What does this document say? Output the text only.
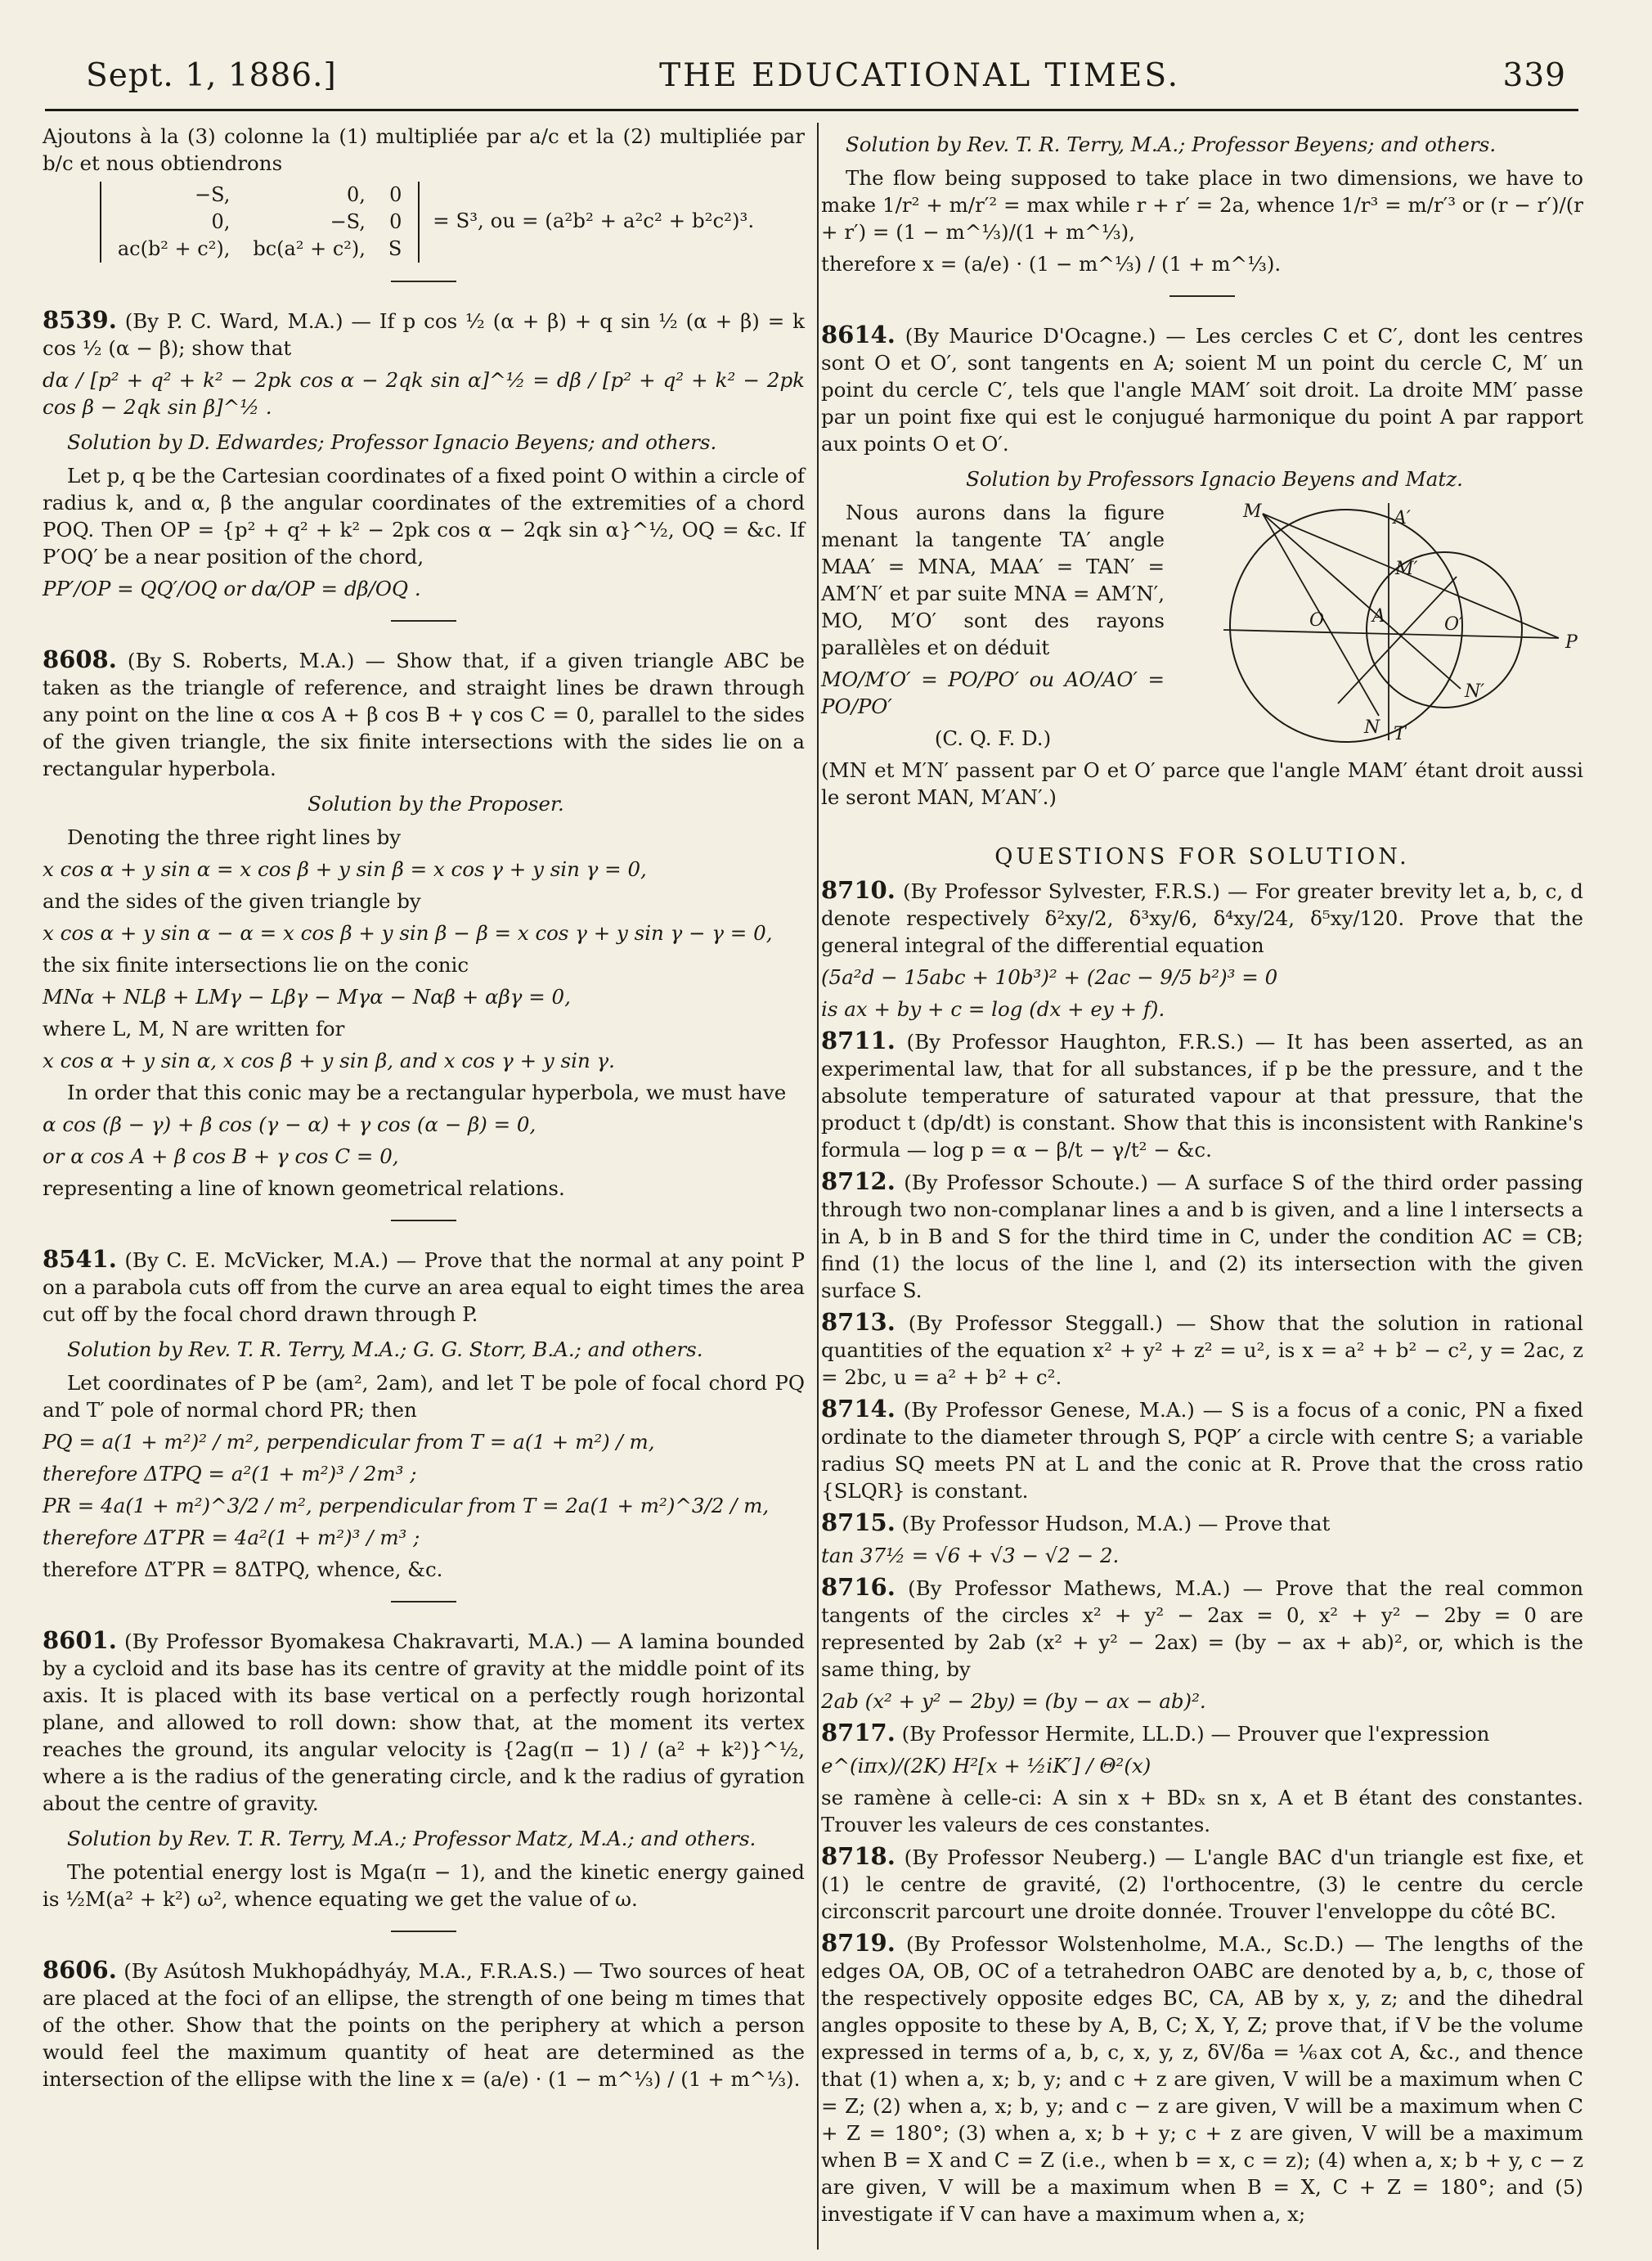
Sept. 1, 1886.]	THE EDUCATIONAL TIMES.	339

Ajoutons à la (3) colonne la (1) multipliée par a/c et la (2) multipliée par b/c et nous obtiendrons

−S,	0,	0
0,	−S,	0
ac(b² + c²),	bc(a² + c²),	S
= S³, ou = (a²b² + a²c² + b²c²)³.

8539. (By P. C. Ward, M.A.) — If p cos ½ (α + β) + q sin ½ (α + β) = k cos ½ (α − β); show that

dα / [p² + q² + k² − 2pk cos α − 2qk sin α]^½ = dβ / [p² + q² + k² − 2pk cos β − 2qk sin β]^½ .

Solution by D. Edwardes; Professor Ignacio Beyens; and others.

Let p, q be the Cartesian coordinates of a fixed point O within a circle of radius k, and α, β the angular coordinates of the extremities of a chord POQ. Then OP = {p² + q² + k² − 2pk cos α − 2qk sin α}^½, OQ = &c. If P′OQ′ be a near position of the chord,

PP′/OP = QQ′/OQ or dα/OP = dβ/OQ .

8608. (By S. Roberts, M.A.) — Show that, if a given triangle ABC be taken as the triangle of reference, and straight lines be drawn through any point on the line α cos A + β cos B + γ cos C = 0, parallel to the sides of the given triangle, the six finite intersections with the sides lie on a rectangular hyperbola.

Solution by the Proposer.

Denoting the three right lines by

x cos α + y sin α = x cos β + y sin β = x cos γ + y sin γ = 0,

and the sides of the given triangle by

x cos α + y sin α − α = x cos β + y sin β − β = x cos γ + y sin γ − γ = 0,

the six finite intersections lie on the conic

MNα + NLβ + LMγ − Lβγ − Mγα − Nαβ + αβγ = 0,

where L, M, N are written for

x cos α + y sin α, x cos β + y sin β, and x cos γ + y sin γ.

In order that this conic may be a rectangular hyperbola, we must have

α cos (β − γ) + β cos (γ − α) + γ cos (α − β) = 0,

or α cos A + β cos B + γ cos C = 0,

representing a line of known geometrical relations.

8541. (By C. E. McVicker, M.A.) — Prove that the normal at any point P on a parabola cuts off from the curve an area equal to eight times the area cut off by the focal chord drawn through P.

Solution by Rev. T. R. Terry, M.A.; G. G. Storr, B.A.; and others.

Let coordinates of P be (am², 2am), and let T be pole of focal chord PQ and T′ pole of normal chord PR; then

PQ = a(1 + m²)² / m², perpendicular from T = a(1 + m²) / m,

therefore ΔTPQ = a²(1 + m²)³ / 2m³ ;

PR = 4a(1 + m²)^3/2 / m², perpendicular from T = 2a(1 + m²)^3/2 / m,

therefore ΔT′PR = 4a²(1 + m²)³ / m³ ;

therefore ΔT′PR = 8ΔTPQ, whence, &c.

8601. (By Professor Byomakesa Chakravarti, M.A.) — A lamina bounded by a cycloid and its base has its centre of gravity at the middle point of its axis. It is placed with its base vertical on a perfectly rough horizontal plane, and allowed to roll down: show that, at the moment its vertex reaches the ground, its angular velocity is {2ag(π − 1) / (a² + k²)}^½, where a is the radius of the generating circle, and k the radius of gyration about the centre of gravity.

Solution by Rev. T. R. Terry, M.A.; Professor Matz, M.A.; and others.

The potential energy lost is Mga(π − 1), and the kinetic energy gained is ½M(a² + k²) ω², whence equating we get the value of ω.

8606. (By Asútosh Mukhopádhyáy, M.A., F.R.A.S.) — Two sources of heat are placed at the foci of an ellipse, the strength of one being m times that of the other. Show that the points on the periphery at which a person would feel the maximum quantity of heat are determined as the intersection of the ellipse with the line x = (a/e) · (1 − m^⅓) / (1 + m^⅓).

Solution by Rev. T. R. Terry, M.A.; Professor Beyens; and others.

The flow being supposed to take place in two dimensions, we have to make 1/r² + m/r′² = max while r + r′ = 2a, whence 1/r³ = m/r′³ or (r − r′)/(r + r′) = (1 − m^⅓)/(1 + m^⅓),

therefore x = (a/e) · (1 − m^⅓) / (1 + m^⅓).

8614. (By Maurice D'Ocagne.) — Les cercles C et C′, dont les centres sont O et O′, sont tangents en A; soient M un point du cercle C, M′ un point du cercle C′, tels que l'angle MAM′ soit droit. La droite MM′ passe par un point fixe qui est le conjugué harmonique du point A par rapport aux points O et O′.

Solution by Professors Ignacio Beyens and Matz.

M	A′
M′
O	A	O′
P
N′
N T

Nous aurons dans la figure menant la tangente TA′ angle MAA′ = MNA, MAA′ = TAN′ = AM′N′ et par suite MNA = AM′N′, MO, M′O′ sont des rayons parallèles et on déduit

MO/M′O′ = PO/PO′ ou AO/AO′ = PO/PO′

(C. Q. F. D.)

(MN et M′N′ passent par O et O′ parce que l'angle MAM′ étant droit aussi le seront MAN, M′AN′.)

QUESTIONS FOR SOLUTION.

8710. (By Professor Sylvester, F.R.S.) — For greater brevity let a, b, c, d denote respectively δ²xy/2, δ³xy/6, δ⁴xy/24, δ⁵xy/120. Prove that the general integral of the differential equation

(5a²d − 15abc + 10b³)² + (2ac − 9/5 b²)³ = 0

is ax + by + c = log (dx + ey + f).

8711. (By Professor Haughton, F.R.S.) — It has been asserted, as an experimental law, that for all substances, if p be the pressure, and t the absolute temperature of saturated vapour at that pressure, that the product t (dp/dt) is constant. Show that this is inconsistent with Rankine's formula — log p = α − β/t − γ/t² − &c.

8712. (By Professor Schoute.) — A surface S of the third order passing through two non-complanar lines a and b is given, and a line l intersects a in A, b in B and S for the third time in C, under the condition AC = CB; find (1) the locus of the line l, and (2) its intersection with the given surface S.

8713. (By Professor Steggall.) — Show that the solution in rational quantities of the equation x² + y² + z² = u², is x = a² + b² − c², y = 2ac, z = 2bc, u = a² + b² + c².

8714. (By Professor Genese, M.A.) — S is a focus of a conic, PN a fixed ordinate to the diameter through S, PQP′ a circle with centre S; a variable radius SQ meets PN at L and the conic at R. Prove that the cross ratio {SLQR} is constant.

8715. (By Professor Hudson, M.A.) — Prove that

tan 37½ = √6 + √3 − √2 − 2.

8716. (By Professor Mathews, M.A.) — Prove that the real common tangents of the circles x² + y² − 2ax = 0, x² + y² − 2by = 0 are represented by 2ab (x² + y² − 2ax) = (by − ax + ab)², or, which is the same thing, by

2ab (x² + y² − 2by) = (by − ax − ab)².

8717. (By Professor Hermite, LL.D.) — Prouver que l'expression

e^(iπx)/(2K) H²[x + ½iK′] / Θ²(x)

se ramène à celle-ci: A sin x + BDₓ sn x, A et B étant des constantes. Trouver les valeurs de ces constantes.

8718. (By Professor Neuberg.) — L'angle BAC d'un triangle est fixe, et (1) le centre de gravité, (2) l'orthocentre, (3) le centre du cercle circonscrit parcourt une droite donnée. Trouver l'enveloppe du côté BC.

8719. (By Professor Wolstenholme, M.A., Sc.D.) — The lengths of the edges OA, OB, OC of a tetrahedron OABC are denoted by a, b, c, those of the respectively opposite edges BC, CA, AB by x, y, z; and the dihedral angles opposite to these by A, B, C; X, Y, Z; prove that, if V be the volume expressed in terms of a, b, c, x, y, z, δV/δa = ⅙ax cot A, &c., and thence that (1) when a, x; b, y; and c + z are given, V will be a maximum when C = Z; (2) when a, x; b, y; and c − z are given, V will be a maximum when C + Z = 180°; (3) when a, x; b + y; c + z are given, V will be a maximum when B = X and C = Z (i.e., when b = x, c = z); (4) when a, x; b + y, c − z are given, V will be a maximum when B = X, C + Z = 180°; and (5) investigate if V can have a maximum when a, x;
